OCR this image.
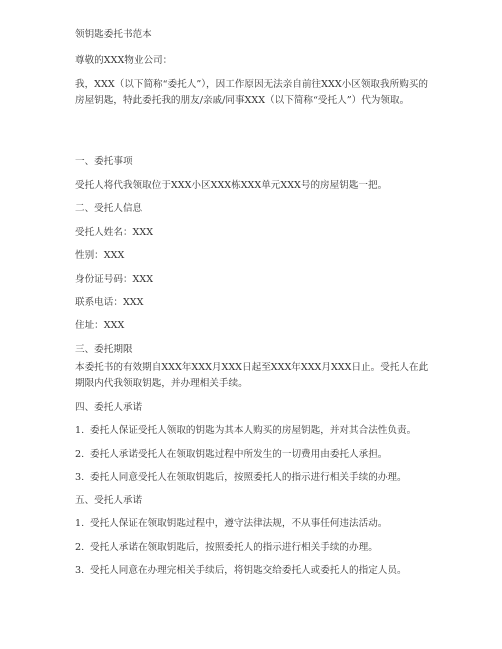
领钥匙委托书范本
尊敬的XXX物业公司：
我，XXX（以下简称“委托人”），因工作原因无法亲自前往XXX小区领取我所购买的房屋钥匙，特此委托我的朋友/亲戚/同事XXX（以下简称“受托人”）代为领取。
一、委托事项
受托人将代我领取位于XXX小区XXX栋XXX单元XXX号的房屋钥匙一把。
二、受托人信息
受托人姓名：XXX
性别：XXX
身份证号码：XXX
联系电话：XXX
住址：XXX
三、委托期限
本委托书的有效期自XXX年XXX月XXX日起至XXX年XXX月XXX日止。受托人在此期限内代我领取钥匙，并办理相关手续。
四、委托人承诺
1. 委托人保证受托人领取的钥匙为其本人购买的房屋钥匙，并对其合法性负责。
2. 委托人承诺受托人在领取钥匙过程中所发生的一切费用由委托人承担。
3. 委托人同意受托人在领取钥匙后，按照委托人的指示进行相关手续的办理。
五、受托人承诺
1. 受托人保证在领取钥匙过程中，遵守法律法规，不从事任何违法活动。
2. 受托人承诺在领取钥匙后，按照委托人的指示进行相关手续的办理。
3. 受托人同意在办理完相关手续后，将钥匙交给委托人或委托人的指定人员。
